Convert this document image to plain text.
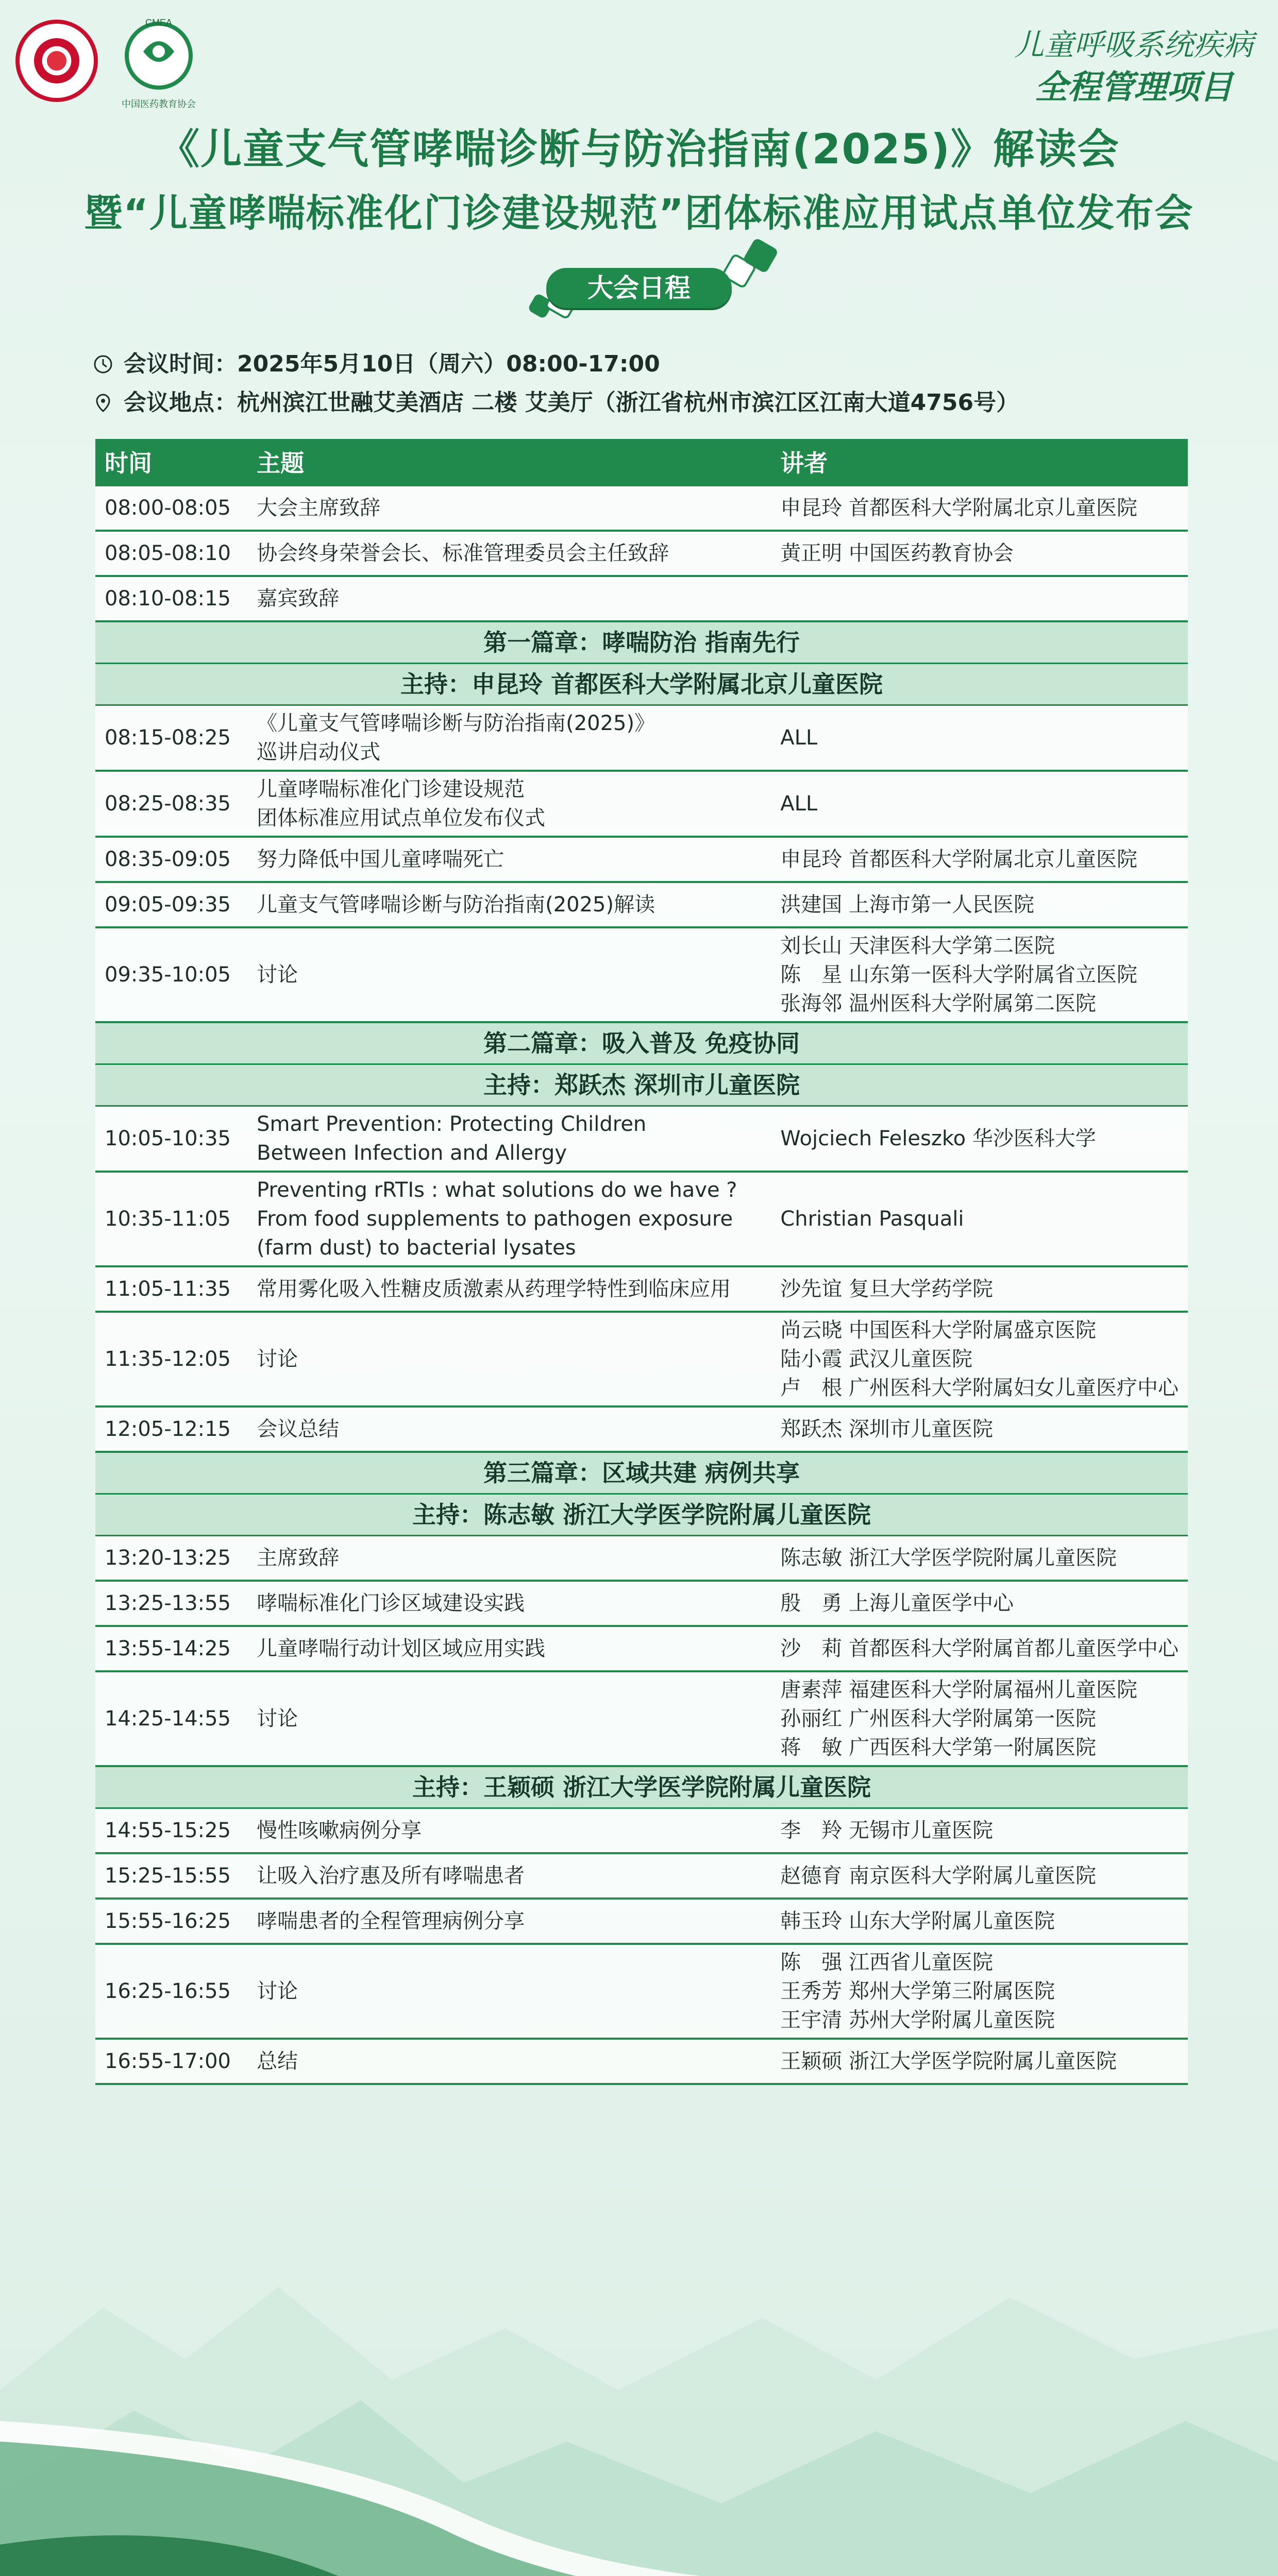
CMEA
中国医药教育协会
儿童呼吸系统疾病
全程管理项目
《儿童支气管哮喘诊断与防治指南(2025)》解读会
暨“儿童哮喘标准化门诊建设规范”团体标准应用试点单位发布会
大会日程
会议时间：2025年5月10日（周六）08:00-17:00
会议地点：杭州滨江世融艾美酒店 二楼 艾美厅（浙江省杭州市滨江区江南大道4756号）
时间	主题	讲者
08:00-08:05	大会主席致辞	申昆玲 首都医科大学附属北京儿童医院

08:05-08:10	协会终身荣誉会长、标准管理委员会主任致辞	黄正明 中国医药教育协会

08:10-08:15	嘉宾致辞	

第一篇章：哮喘防治 指南先行		
主持：申昆玲 首都医科大学附属北京儿童医院		
08:15-08:25	《儿童支气管哮喘诊断与防治指南(2025)》
巡讲启动仪式	ALL

08:25-08:35	儿童哮喘标准化门诊建设规范
团体标准应用试点单位发布仪式	ALL

08:35-09:05	努力降低中国儿童哮喘死亡	申昆玲 首都医科大学附属北京儿童医院

09:05-09:35	儿童支气管哮喘诊断与防治指南(2025)解读	洪建国 上海市第一人民医院

09:35-10:05	讨论	刘长山 天津医科大学第二医院
陈　星 山东第一医科大学附属省立医院
张海邻 温州医科大学附属第二医院

第二篇章：吸入普及 免疫协同		
主持：郑跃杰 深圳市儿童医院		
10:05-10:35	Smart Prevention: Protecting Children
Between Infection and Allergy	Wojciech Feleszko 华沙医科大学

10:35-11:05	Preventing rRTIs : what solutions do we have ?
From food supplements to pathogen exposure
(farm dust) to bacterial lysates	Christian Pasquali

11:05-11:35	常用雾化吸入性糖皮质激素从药理学特性到临床应用	沙先谊 复旦大学药学院

11:35-12:05	讨论	尚云晓 中国医科大学附属盛京医院
陆小霞 武汉儿童医院
卢　根 广州医科大学附属妇女儿童医疗中心

12:05-12:15	会议总结	郑跃杰 深圳市儿童医院

第三篇章：区域共建 病例共享		
主持：陈志敏 浙江大学医学院附属儿童医院		
13:20-13:25	主席致辞	陈志敏 浙江大学医学院附属儿童医院

13:25-13:55	哮喘标准化门诊区域建设实践	殷　勇 上海儿童医学中心

13:55-14:25	儿童哮喘行动计划区域应用实践	沙　莉 首都医科大学附属首都儿童医学中心

14:25-14:55	讨论	唐素萍 福建医科大学附属福州儿童医院
孙丽红 广州医科大学附属第一医院
蒋　敏 广西医科大学第一附属医院

主持：王颖硕 浙江大学医学院附属儿童医院		
14:55-15:25	慢性咳嗽病例分享	李　羚 无锡市儿童医院

15:25-15:55	让吸入治疗惠及所有哮喘患者	赵德育 南京医科大学附属儿童医院

15:55-16:25	哮喘患者的全程管理病例分享	韩玉玲 山东大学附属儿童医院

16:25-16:55	讨论	陈　强 江西省儿童医院
王秀芳 郑州大学第三附属医院
王宇清 苏州大学附属儿童医院

16:55-17:00	总结	王颖硕 浙江大学医学院附属儿童医院
